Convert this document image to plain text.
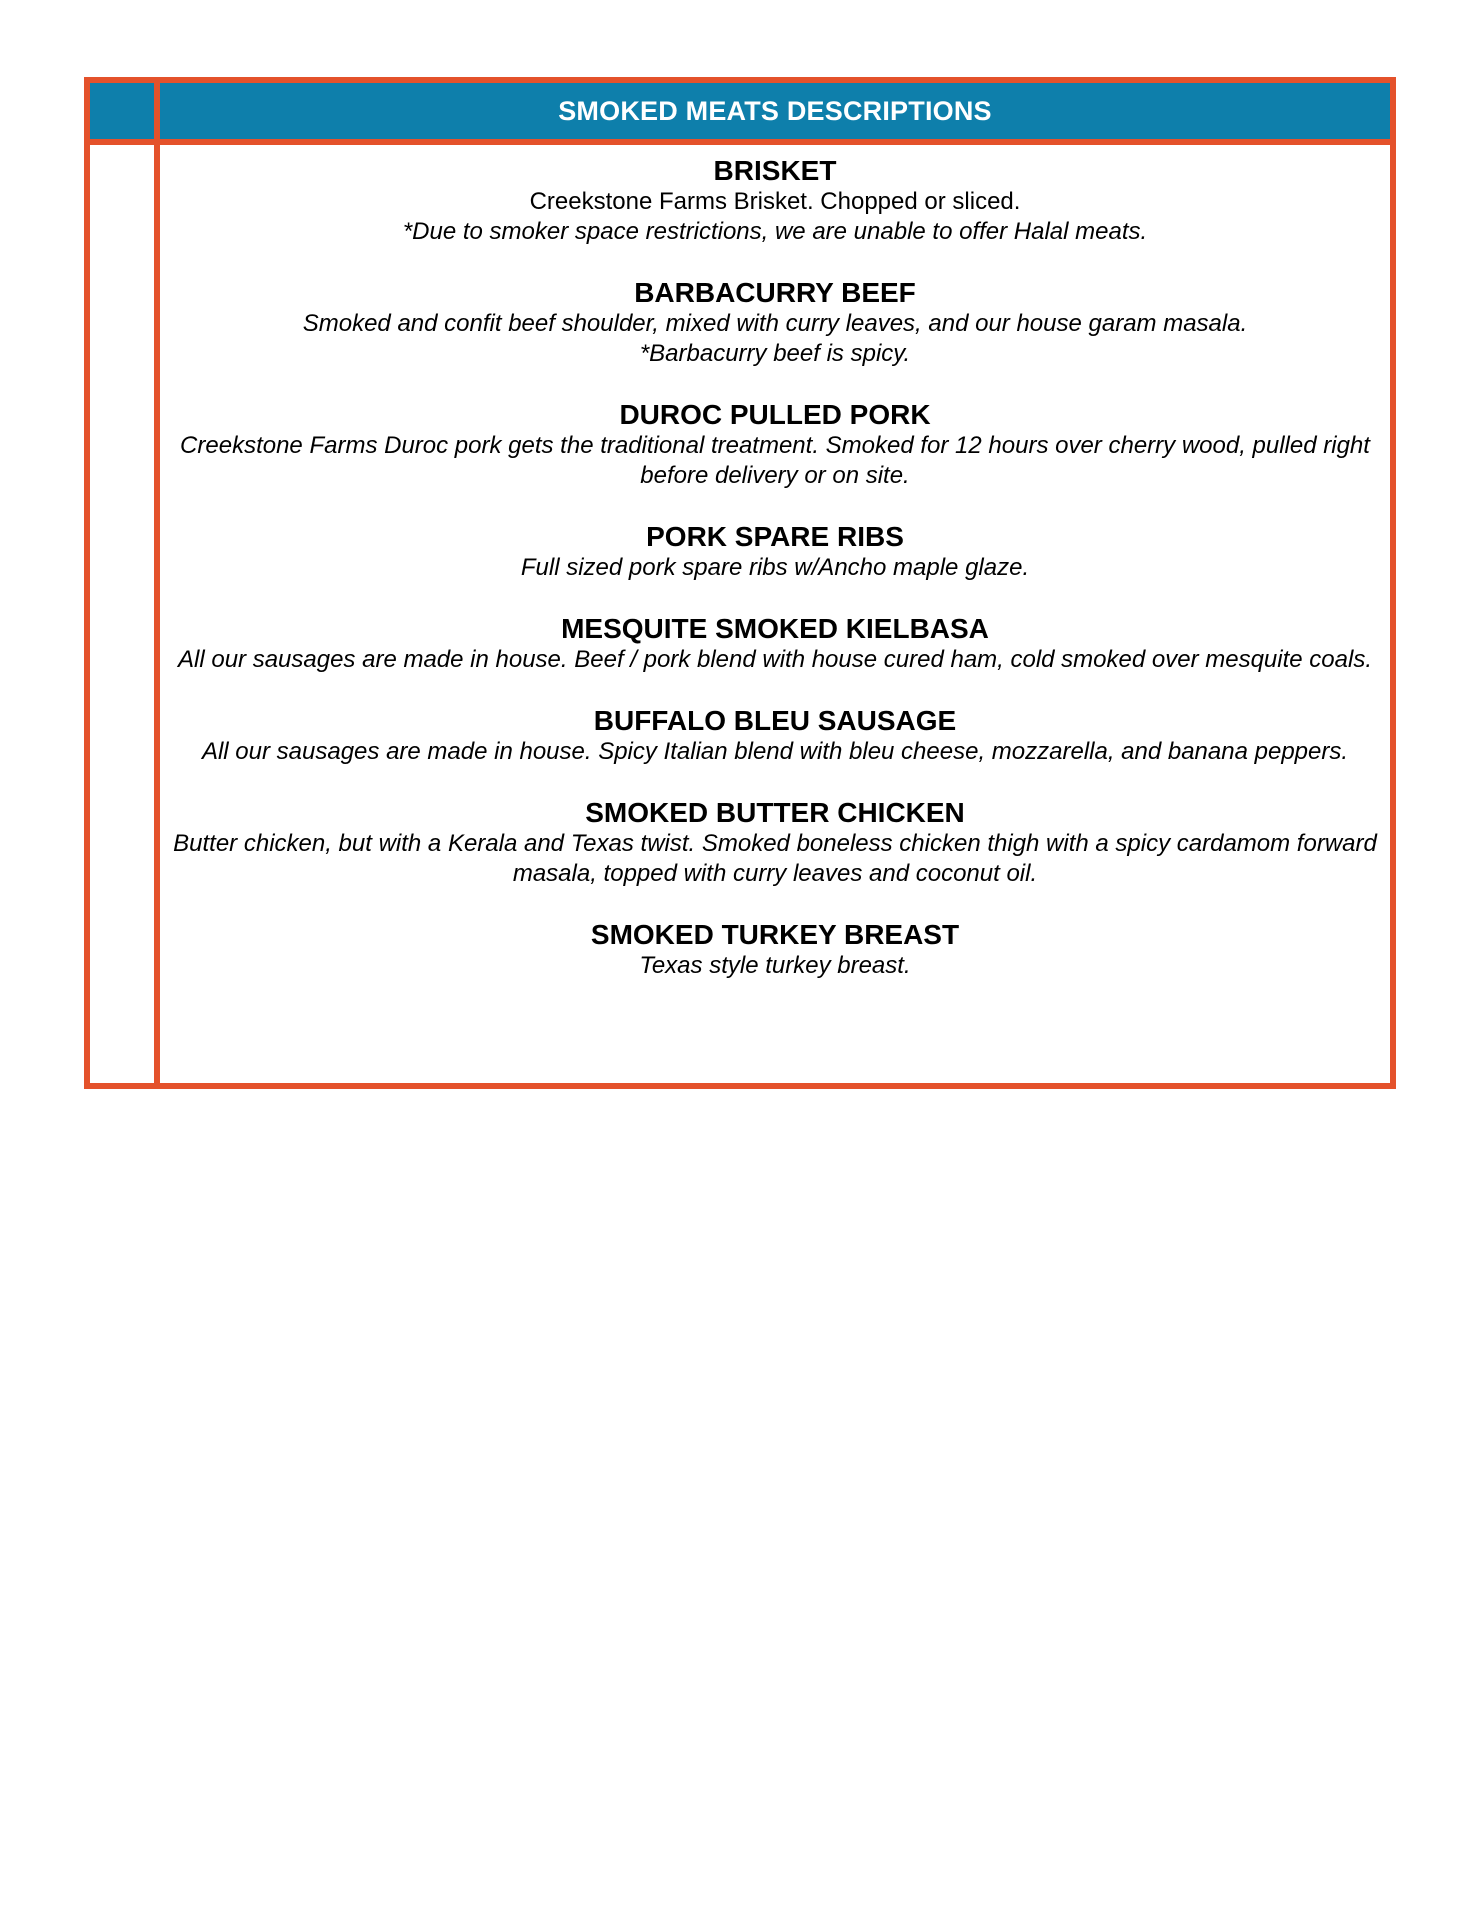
SMOKED MEATS DESCRIPTIONS
BRISKET
Creekstone Farms Brisket. Chopped or sliced.
*Due to smoker space restrictions, we are unable to offer Halal meats.
BARBACURRY BEEF
Smoked and confit beef shoulder, mixed with curry leaves, and our house garam masala.
*Barbacurry beef is spicy.
DUROC PULLED PORK
Creekstone Farms Duroc pork gets the traditional treatment. Smoked for 12 hours over cherry wood, pulled right before delivery or on site.
PORK SPARE RIBS
Full sized pork spare ribs w/Ancho maple glaze.
MESQUITE SMOKED KIELBASA
All our sausages are made in house. Beef / pork blend with house cured ham, cold smoked over mesquite coals.
BUFFALO BLEU SAUSAGE
All our sausages are made in house. Spicy Italian blend with bleu cheese, mozzarella, and banana peppers.
SMOKED BUTTER CHICKEN
Butter chicken, but with a Kerala and Texas twist. Smoked boneless chicken thigh with a spicy cardamom forward masala, topped with curry leaves and coconut oil.
SMOKED TURKEY BREAST
Texas style turkey breast.
